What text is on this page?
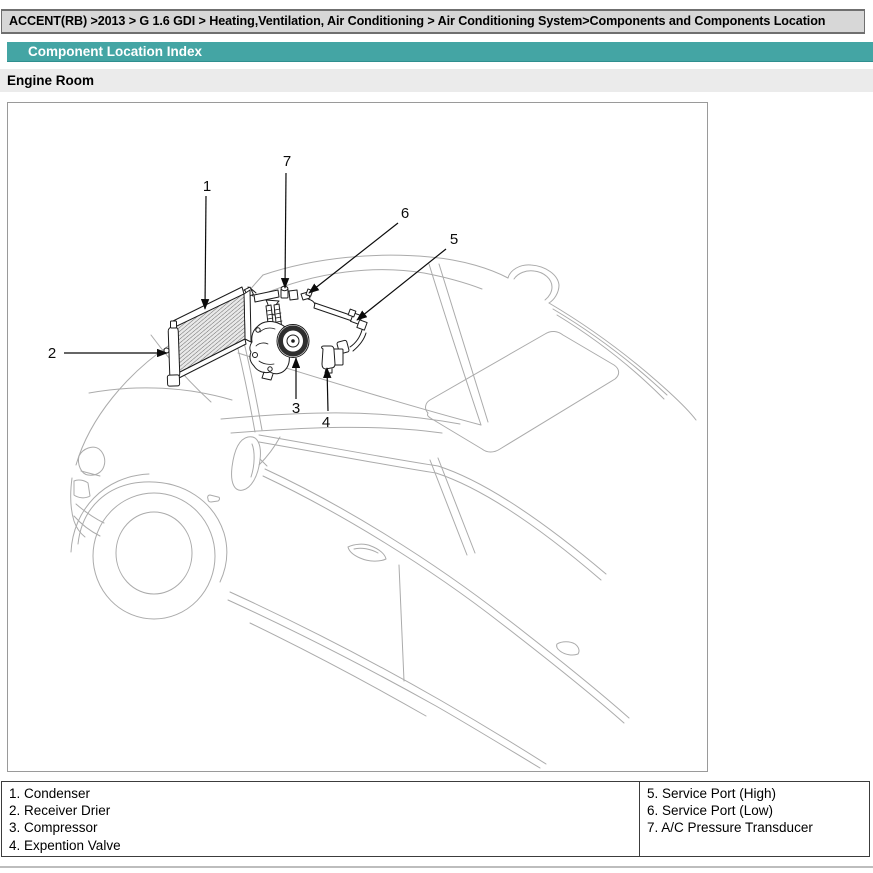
ACCENT(RB) >2013 > G 1.6 GDI > Heating,Ventilation, Air Conditioning > Air Conditioning System>Components and Components Location
Component Location Index
Engine Room
1
7
6
5
2
3
4
1. Condenser
2. Receiver Drier
3. Compressor
4. Expention Valve
5. Service Port (High)
6. Service Port (Low)
7. A/C Pressure Transducer
